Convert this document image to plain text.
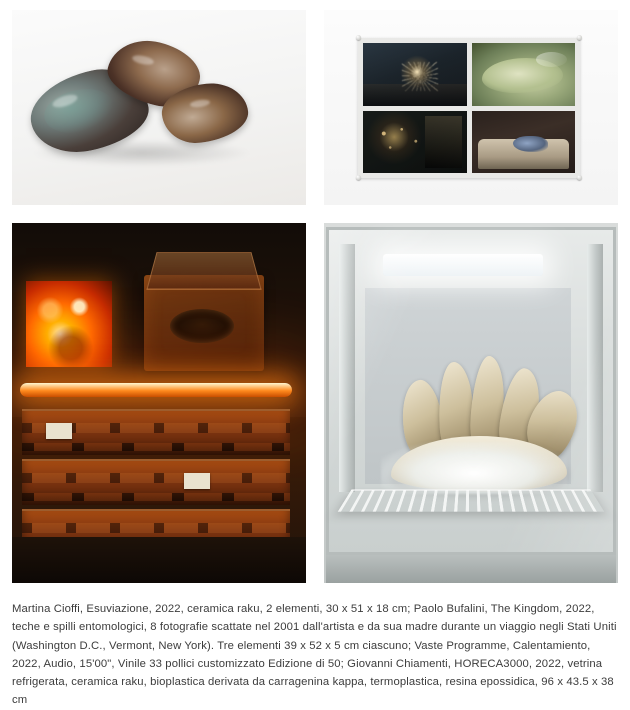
Martina Cioffi, Esuviazione, 2022, ceramica raku, 2 elementi, 30 x 51 x 18 cm; Paolo Bufalini, The Kingdom, 2022, teche e spilli entomologici, 8 fotografie scattate nel 2001 dall'artista e da sua madre durante un viaggio negli Stati Uniti (Washington D.C., Vermont, New York). Tre elementi 39 x 52 x 5 cm ciascuno; Vaste Programme, Calentamiento, 2022, Audio, 15'00", Vinile 33 pollici customizzato Edizione di 50; Giovanni Chiamenti, HORECA3000, 2022, vetrina refrigerata, ceramica raku, bioplastica derivata da carragenina kappa, termoplastica, resina epossidica, 96 x 43.5 x 38 cm
